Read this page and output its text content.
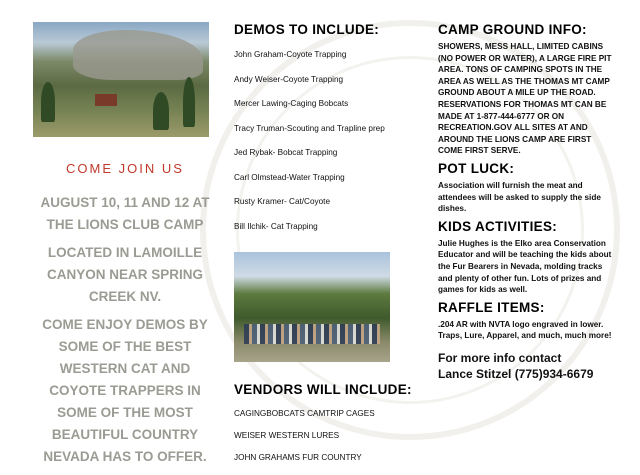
COME JOIN US
AUGUST 10, 11 AND 12 AT THE LIONS CLUB CAMP
LOCATED IN LAMOILLE CANYON NEAR SPRING CREEK NV.
COME ENJOY DEMOS BY SOME OF THE BEST WESTERN CAT AND COYOTE TRAPPERS IN SOME OF THE MOST BEAUTIFUL COUNTRY NEVADA HAS TO OFFER.
DEMOS TO INCLUDE:
John Graham-Coyote Trapping
Andy Weiser-Coyote Trapping
Mercer Lawing-Caging Bobcats
Tracy Truman-Scouting and Trapline prep
Jed Rybak- Bobcat Trapping
Carl Olmstead-Water Trapping
Rusty Kramer- Cat/Coyote
Bill Ilchik- Cat Trapping
VENDORS WILL INCLUDE:
CAGINGBOBCATS CAMTRIP CAGES
WEISER WESTERN LURES
JOHN GRAHAMS FUR COUNTRY
CAMP GROUND INFO:
SHOWERS, MESS HALL, LIMITED CABINS (NO POWER OR WATER), A LARGE FIRE PIT AREA. TONS OF CAMPING SPOTS IN THE AREA AS WELL AS THE THOMAS MT CAMP GROUND ABOUT A MILE UP THE ROAD. RESERVATIONS FOR THOMAS MT CAN BE MADE AT 1-877-444-6777 OR ON RECREATION.GOV ALL SITES AT AND AROUND THE LIONS CAMP ARE FIRST COME FIRST SERVE.
POT LUCK:
Association will furnish the meat and attendees will be asked to supply the side dishes.
KIDS ACTIVITIES:
Julie Hughes is the Elko area Conservation Educator and will be teaching the kids about the Fur Bearers in Nevada, molding tracks and plenty of other fun. Lots of prizes and games for kids as well.
RAFFLE ITEMS:
.204 AR with NVTA logo engraved in lower. Traps, Lure, Apparel, and much, much more!
For more info contact
Lance Stitzel (775)934-6679
